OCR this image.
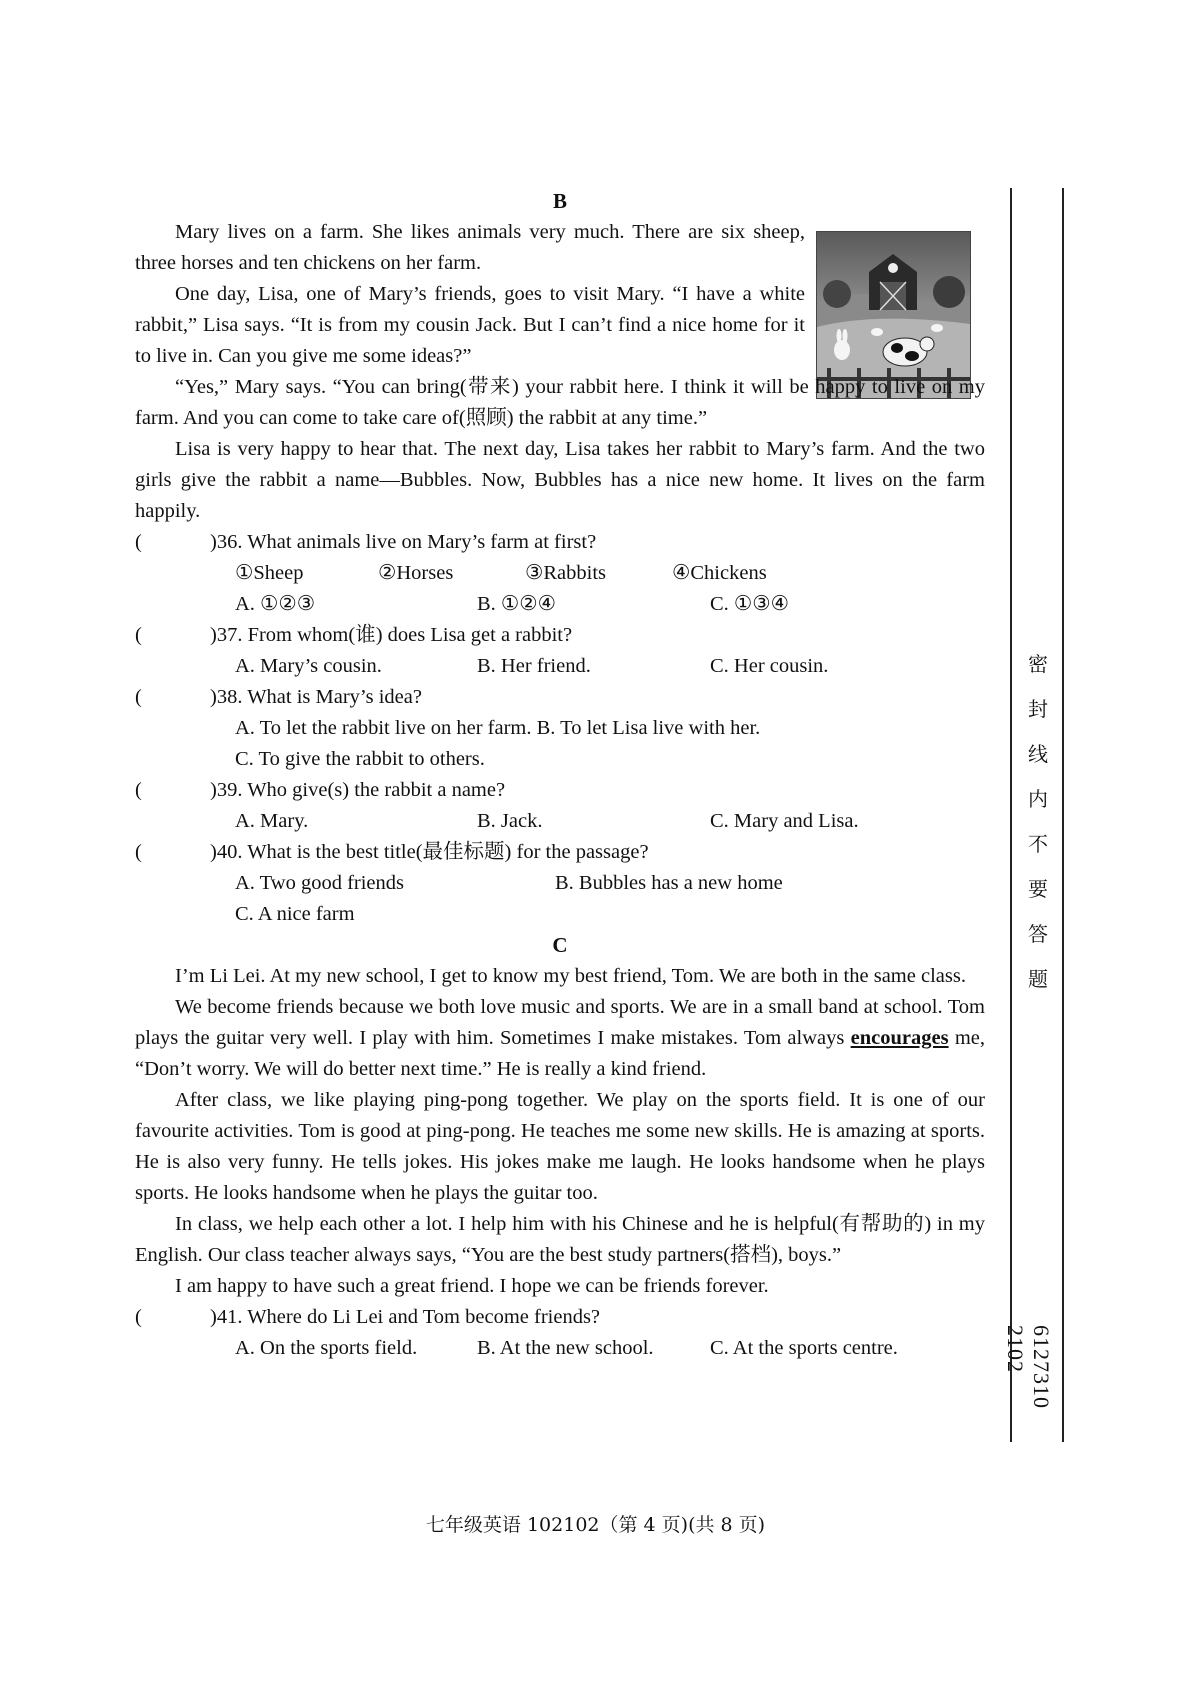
B

Mary lives on a farm. She likes animals very much. There are six sheep, three horses and ten chickens on her farm.

One day, Lisa, one of Mary’s friends, goes to visit Mary. “I have a white rabbit,” Lisa says. “It is from my cousin Jack. But I can’t find a nice home for it to live in. Can you give me some ideas?”

“Yes,” Mary says. “You can bring(带来) your rabbit here. I think it will be happy to live on my farm. And you can come to take care of(照顾) the rabbit at any time.”

Lisa is very happy to hear that. The next day, Lisa takes her rabbit to Mary’s farm. And the two girls give the rabbit a name—Bubbles. Now, Bubbles has a nice new home. It lives on the farm happily.

(	)36. What animals live on Mary’s farm at first?
①Sheep	②Horses	③Rabbits	④Chickens
A. ①②③	B. ①②④	C. ①③④
(	)37. From whom(谁) does Lisa get a rabbit?
A. Mary’s cousin.	B. Her friend.	C. Her cousin.
(	)38. What is Mary’s idea?
A. To let the rabbit live on her farm. B. To let Lisa live with her.
C. To give the rabbit to others.
(	)39. Who give(s) the rabbit a name?
A. Mary.	B. Jack.	C. Mary and Lisa.
(	)40. What is the best title(最佳标题) for the passage?
A. Two good friends	B. Bubbles has a new home
C. A nice farm
C

I’m Li Lei. At my new school, I get to know my best friend, Tom. We are both in the same class.

We become friends because we both love music and sports. We are in a small band at school. Tom plays the guitar very well. I play with him. Sometimes I make mistakes. Tom always encourages me, “Don’t worry. We will do better next time.” He is really a kind friend.

After class, we like playing ping-pong together. We play on the sports field. It is one of our favourite activities. Tom is good at ping-pong. He teaches me some new skills. He is amazing at sports. He is also very funny. He tells jokes. His jokes make me laugh. He looks handsome when he plays sports. He looks handsome when he plays the guitar too.

In class, we help each other a lot. I help him with his Chinese and he is helpful(有帮助的) in my English. Our class teacher always says, “You are the best study partners(搭档), boys.”

I am happy to have such a great friend. I hope we can be friends forever.

(	)41. Where do Li Lei and Tom become friends?
A. On the sports field.	B. At the new school.	C. At the sports centre.
密
封
线
内
不
要
答
题
6127310 2102
七年级英语 102102（第 4 页)(共 8 页)
